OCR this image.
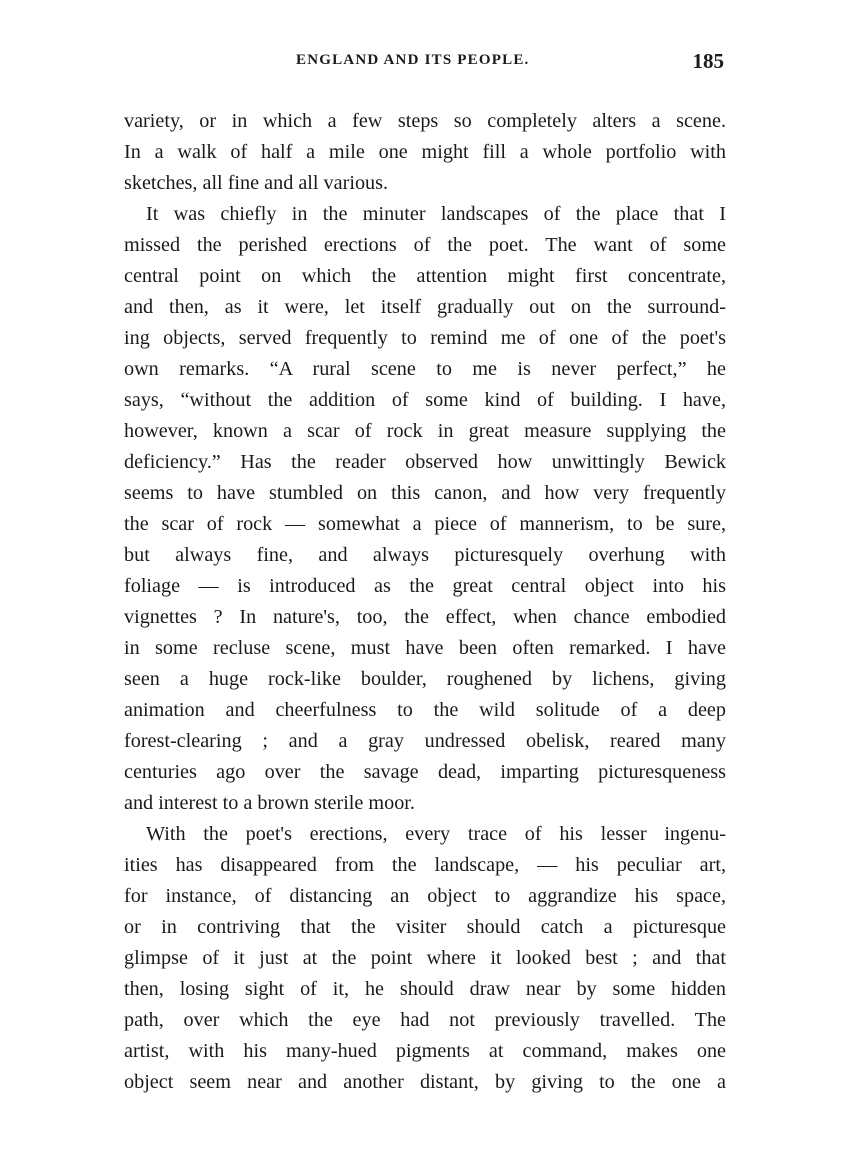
ENGLAND AND ITS PEOPLE.	185

variety, or in which a few steps so completely alters a scene.
In a walk of half a mile one might fill a whole portfolio with
sketches, all fine and all various.

It was chiefly in the minuter landscapes of the place that I
missed the perished erections of the poet. The want of some
central point on which the attention might first concentrate,
and then, as it were, let itself gradually out on the surround-
ing objects, served frequently to remind me of one of the poet's
own remarks. “A rural scene to me is never perfect,” he
says, “without the addition of some kind of building. I have,
however, known a scar of rock in great measure supplying the
deficiency.” Has the reader observed how unwittingly Bewick
seems to have stumbled on this canon, and how very frequently
the scar of rock — somewhat a piece of mannerism, to be sure,
but always fine, and always picturesquely overhung with
foliage — is introduced as the great central object into his
vignettes ? In nature's, too, the effect, when chance embodied
in some recluse scene, must have been often remarked. I have
seen a huge rock-like boulder, roughened by lichens, giving
animation and cheerfulness to the wild solitude of a deep
forest-clearing ; and a gray undressed obelisk, reared many
centuries ago over the savage dead, imparting picturesqueness
and interest to a brown sterile moor.

With the poet's erections, every trace of his lesser ingenu-
ities has disappeared from the landscape, — his peculiar art,
for instance, of distancing an object to aggrandize his space,
or in contriving that the visiter should catch a picturesque
glimpse of it just at the point where it looked best ; and that
then, losing sight of it, he should draw near by some hidden
path, over which the eye had not previously travelled. The
artist, with his many-hued pigments at command, makes one
object seem near and another distant, by giving to the one a
